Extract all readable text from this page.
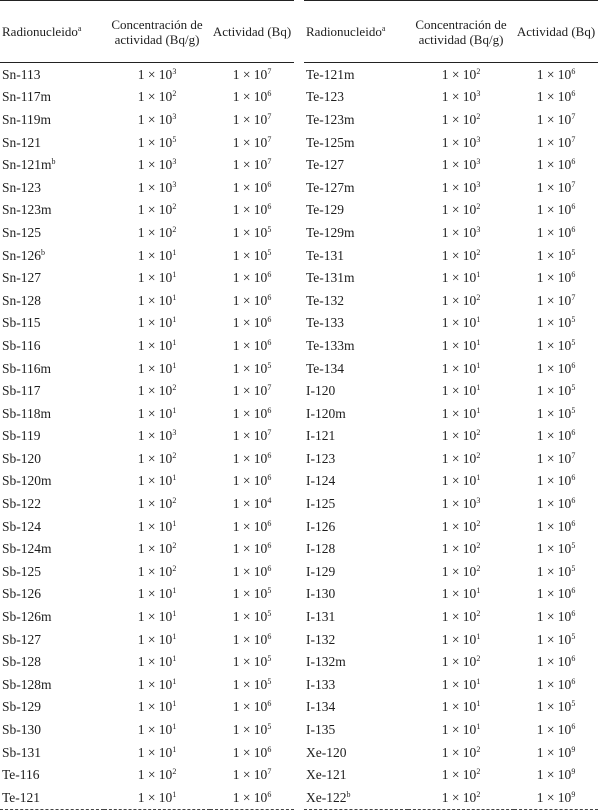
Radionucleido$^a$	Concentración de actividad (Bq/g)	Actividad (Bq)
Sn-113	$1 \times 10^3$	$1 \times 10^7$
Sn-117m	$1 \times 10^2$	$1 \times 10^6$
Sn-119m	$1 \times 10^3$	$1 \times 10^7$
Sn-121	$1 \times 10^5$	$1 \times 10^7$
$Sn-121m^b$	$1 \times 10^3$	$1 \times 10^7$
Sn-123	$1 \times 10^3$	$1 \times 10^6$
Sn-123m	$1 \times 10^2$	$1 \times 10^6$
Sn-125	$1 \times 10^2$	$1 \times 10^5$
Sn-126$^b$	$1 \times 10^1$	$1 \times 10^5$
Sn-127	$1 \times 10^1$	$1 \times 10^6$
Sn-128	$1 \times 10^1$	$1 \times 10^6$
Sb-115	$1 \times 10^1$	$1 \times 10^6$
Sb-116	$1 \times 10^1$	$1 \times 10^6$
Sb-116m	$1 \times 10^1$	$1 \times 10^5$
Sb-117	$1 \times 10^2$	$1 \times 10^7$
Sb-118m	$1 \times 10^1$	$1 \times 10^6$
Sb-119	$1 \times 10^3$	$1 \times 10^7$
Sb-120	$1 \times 10^2$	$1 \times 10^6$
Sb-120m	$1 \times 10^1$	$1 \times 10^6$
Sb-122	$1 \times 10^2$	$1 \times 10^4$
Sb-124	$1 \times 10^1$	$1 \times 10^6$
Sb-124m	$1 \times 10^2$	$1 \times 10^6$
Sb-125	$1 \times 10^2$	$1 \times 10^6$
Sb-126	$1 \times 10^1$	$1 \times 10^5$
Sb-126m	$1 \times 10^1$	$1 \times 10^5$
Sb-127	$1 \times 10^1$	$1 \times 10^6$
Sb-128	$1 \times 10^1$	$1 \times 10^5$
Sb-128m	$1 \times 10^1$	$1 \times 10^5$
Sb-129	$1 \times 10^1$	$1 \times 10^6$
Sb-130	$1 \times 10^1$	$1 \times 10^5$
Sb-131	$1 \times 10^1$	$1 \times 10^6$
Te-116	$1 \times 10^2$	$1 \times 10^7$
Te-121	$1 \times 10^1$	$1 \times 10^6$
Radionucleido$^a$	Concentración de actividad (Bq/g)	Actividad (Bq)
Te-121m	$1 \times 10^2$	$1 \times 10^6$
Te-123	$1 \times 10^3$	$1 \times 10^6$
Te-123m	$1 \times 10^2$	$1 \times 10^7$
Te-125m	$1 \times 10^3$	$1 \times 10^7$
Te-127	$1 \times 10^3$	$1 \times 10^6$
Te-127m	$1 \times 10^3$	$1 \times 10^7$
Te-129	$1 \times 10^2$	$1 \times 10^6$
Te-129m	$1 \times 10^3$	$1 \times 10^6$
Te-131	$1 \times 10^2$	$1 \times 10^5$
Te-131m	$1 \times 10^1$	$1 \times 10^6$
Te-132	$1 \times 10^2$	$1 \times 10^7$
Te-133	$1 \times 10^1$	$1 \times 10^5$
Te-133m	$1 \times 10^1$	$1 \times 10^5$
Te-134	$1 \times 10^1$	$1 \times 10^6$
I-120	$1 \times 10^1$	$1 \times 10^5$
I-120m	$1 \times 10^1$	$1 \times 10^5$
I-121	$1 \times 10^2$	$1 \times 10^6$
I-123	$1 \times 10^2$	$1 \times 10^7$
I-124	$1 \times 10^1$	$1 \times 10^6$
I-125	$1 \times 10^3$	$1 \times 10^6$
I-126	$1 \times 10^2$	$1 \times 10^6$
I-128	$1 \times 10^2$	$1 \times 10^5$
I-129	$1 \times 10^2$	$1 \times 10^5$
I-130	$1 \times 10^1$	$1 \times 10^6$
I-131	$1 \times 10^2$	$1 \times 10^6$
I-132	$1 \times 10^1$	$1 \times 10^5$
I-132m	$1 \times 10^2$	$1 \times 10^6$
I-133	$1 \times 10^1$	$1 \times 10^6$
I-134	$1 \times 10^1$	$1 \times 10^5$
I-135	$1 \times 10^1$	$1 \times 10^6$
Xe-120	$1 \times 10^2$	$1 \times 10^9$
Xe-121	$1 \times 10^2$	$1 \times 10^9$
Xe-122$^b$	$1 \times 10^2$	$1 \times 10^9$
